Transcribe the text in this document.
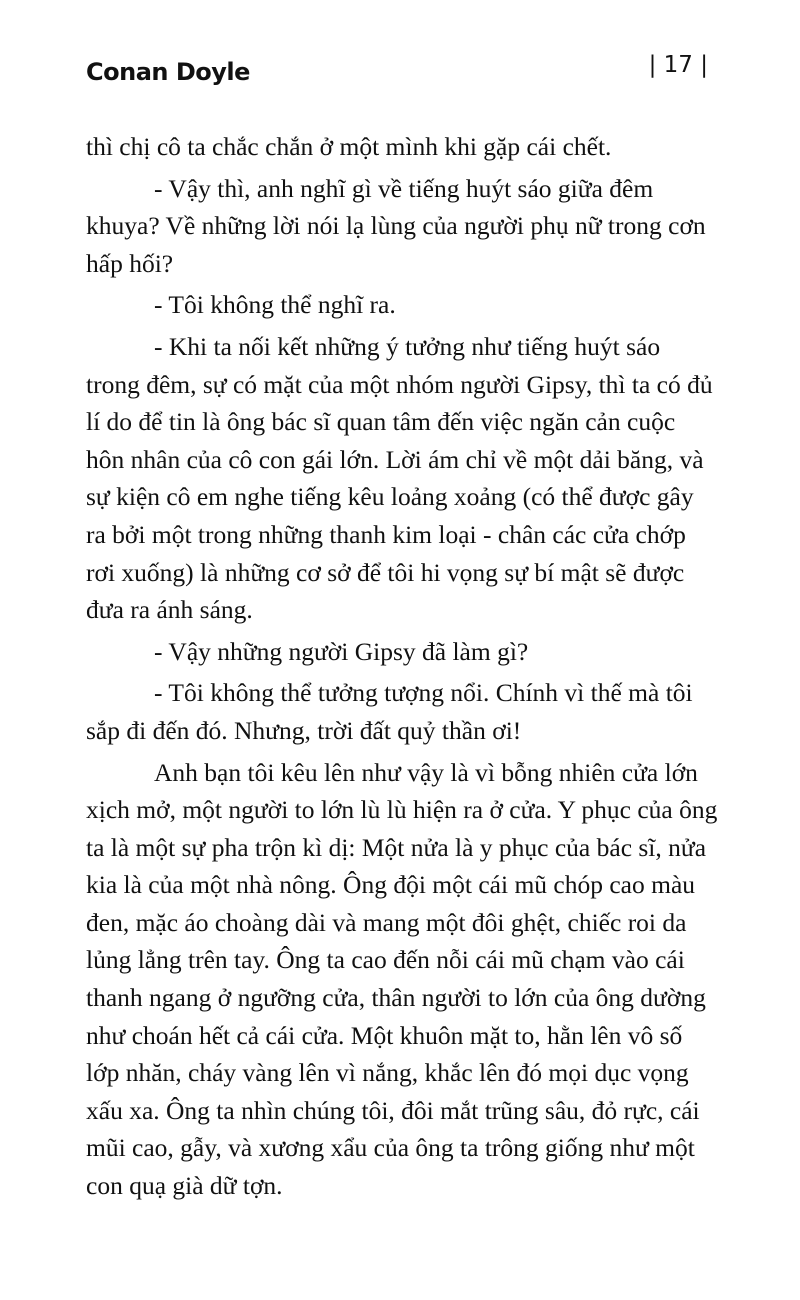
Conan Doyle	| 17 |

thì chị cô ta chắc chắn ở một mình khi gặp cái chết.

- Vậy thì, anh nghĩ gì về tiếng huýt sáo giữa đêm khuya? Về những lời nói lạ lùng của người phụ nữ trong cơn hấp hối?

- Tôi không thể nghĩ ra.

- Khi ta nối kết những ý tưởng như tiếng huýt sáo trong đêm, sự có mặt của một nhóm người Gipsy, thì ta có đủ lí do để tin là ông bác sĩ quan tâm đến việc ngăn cản cuộc hôn nhân của cô con gái lớn. Lời ám chỉ về một dải băng, và sự kiện cô em nghe tiếng kêu loảng xoảng (có thể được gây ra bởi một trong những thanh kim loại - chân các cửa chớp rơi xuống) là những cơ sở để tôi hi vọng sự bí mật sẽ được đưa ra ánh sáng.

- Vậy những người Gipsy đã làm gì?

- Tôi không thể tưởng tượng nổi. Chính vì thế mà tôi sắp đi đến đó. Nhưng, trời đất quỷ thần ơi!

Anh bạn tôi kêu lên như vậy là vì bỗng nhiên cửa lớn xịch mở, một người to lớn lù lù hiện ra ở cửa. Y phục của ông ta là một sự pha trộn kì dị: Một nửa là y phục của bác sĩ, nửa kia là của một nhà nông. Ông đội một cái mũ chóp cao màu đen, mặc áo choàng dài và mang một đôi ghệt, chiếc roi da lủng lẳng trên tay. Ông ta cao đến nỗi cái mũ chạm vào cái thanh ngang ở ngưỡng cửa, thân người to lớn của ông dường như choán hết cả cái cửa. Một khuôn mặt to, hằn lên vô số lớp nhăn, cháy vàng lên vì nắng, khắc lên đó mọi dục vọng xấu xa. Ông ta nhìn chúng tôi, đôi mắt trũng sâu, đỏ rực, cái mũi cao, gẫy, và xương xẩu của ông ta trông giống như một con quạ già dữ tợn.
